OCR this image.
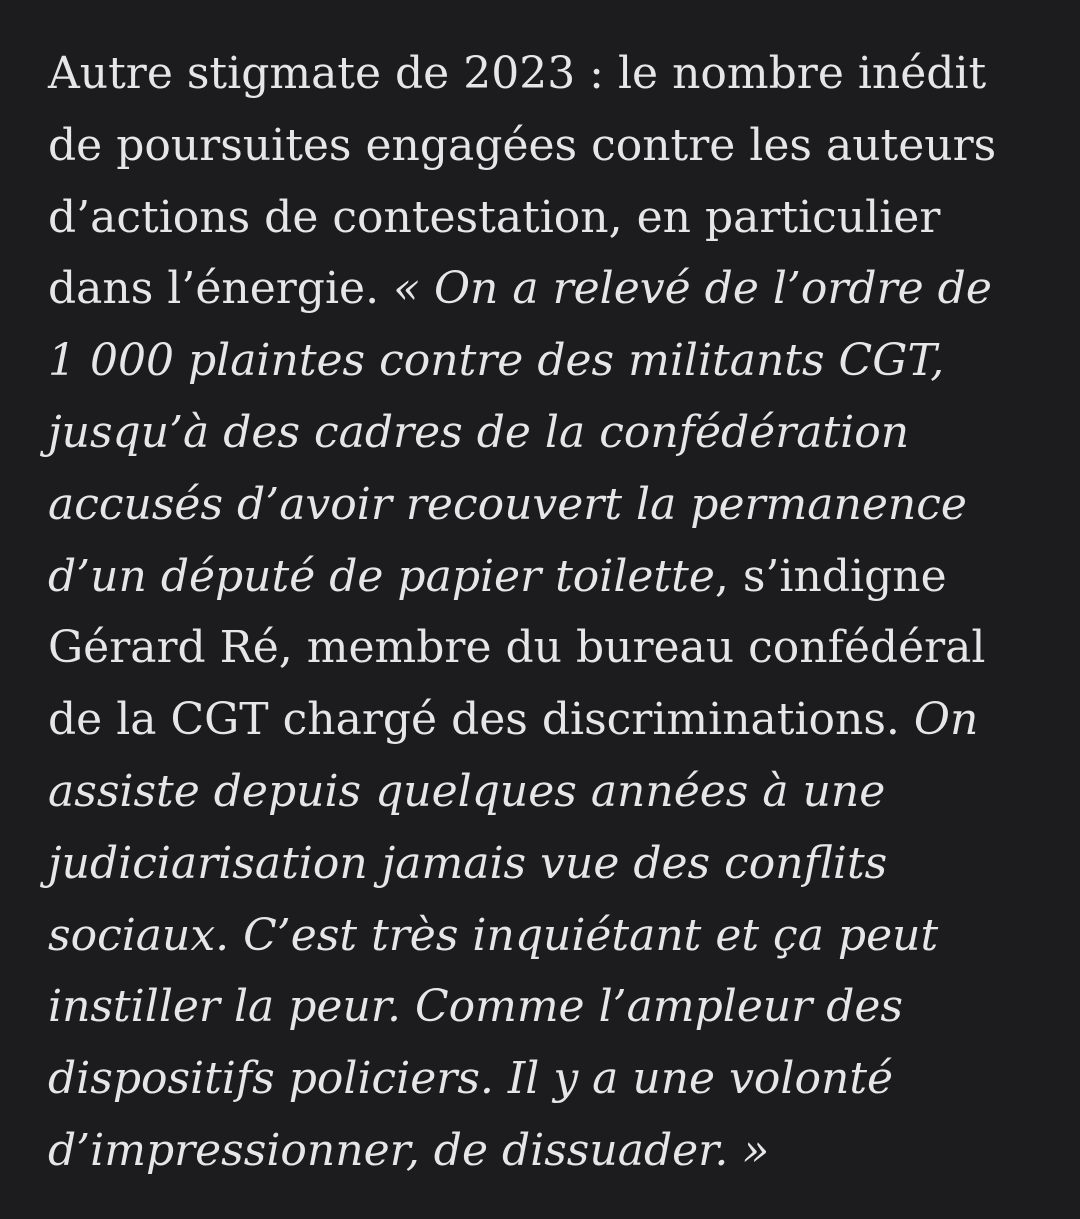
Autre stigmate de 2023 : le nombre inédit
de poursuites engagées contre les auteurs
d’actions de contestation, en particulier
dans l’énergie. « On a relevé de l’ordre de
1 000 plaintes contre des militants CGT,
jusqu’à des cadres de la confédération
accusés d’avoir recouvert la permanence
d’un député de papier toilette, s’indigne
Gérard Ré, membre du bureau confédéral
de la CGT chargé des discriminations. On
assiste depuis quelques années à une
judiciarisation jamais vue des conflits
sociaux. C’est très inquiétant et ça peut
instiller la peur. Comme l’ampleur des
dispositifs policiers. Il y a une volonté
d’impressionner, de dissuader. »
